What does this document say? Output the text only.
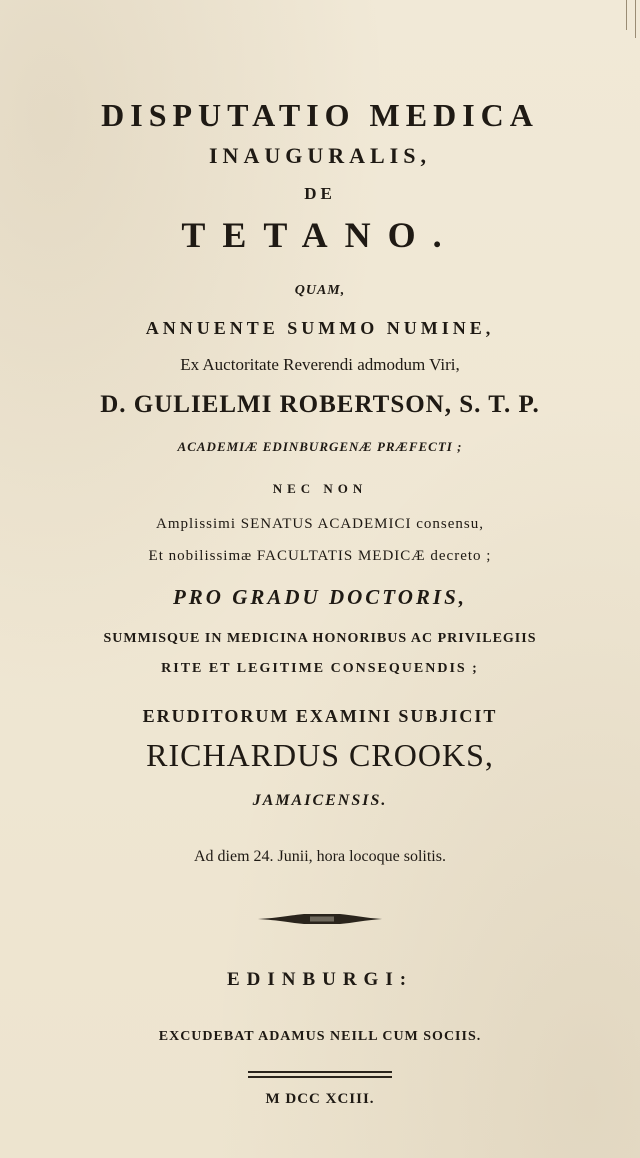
DISPUTATIO MEDICA

INAUGURALIS,

DE

TETANO.

QUAM,

ANNUENTE SUMMO NUMINE,

Ex Auctoritate Reverendi admodum Viri,

D. GULIELMI ROBERTSON, S. T. P.

ACADEMIÆ EDINBURGENÆ PRÆFECTI ;

NEC NON

Amplissimi SENATUS ACADEMICI consensu,

Et nobilissimæ FACULTATIS MEDICÆ decreto ;

PRO GRADU DOCTORIS,

SUMMISQUE IN MEDICINA HONORIBUS AC PRIVILEGIIS

RITE ET LEGITIME CONSEQUENDIS ;

ERUDITORUM EXAMINI SUBJICIT

RICHARDUS CROOKS,

JAMAICENSIS.

Ad diem 24. Junii, hora locoque solitis.

EDINBURGI:

EXCUDEBAT ADAMUS NEILL CUM SOCIIS.

M DCC XCIII.
